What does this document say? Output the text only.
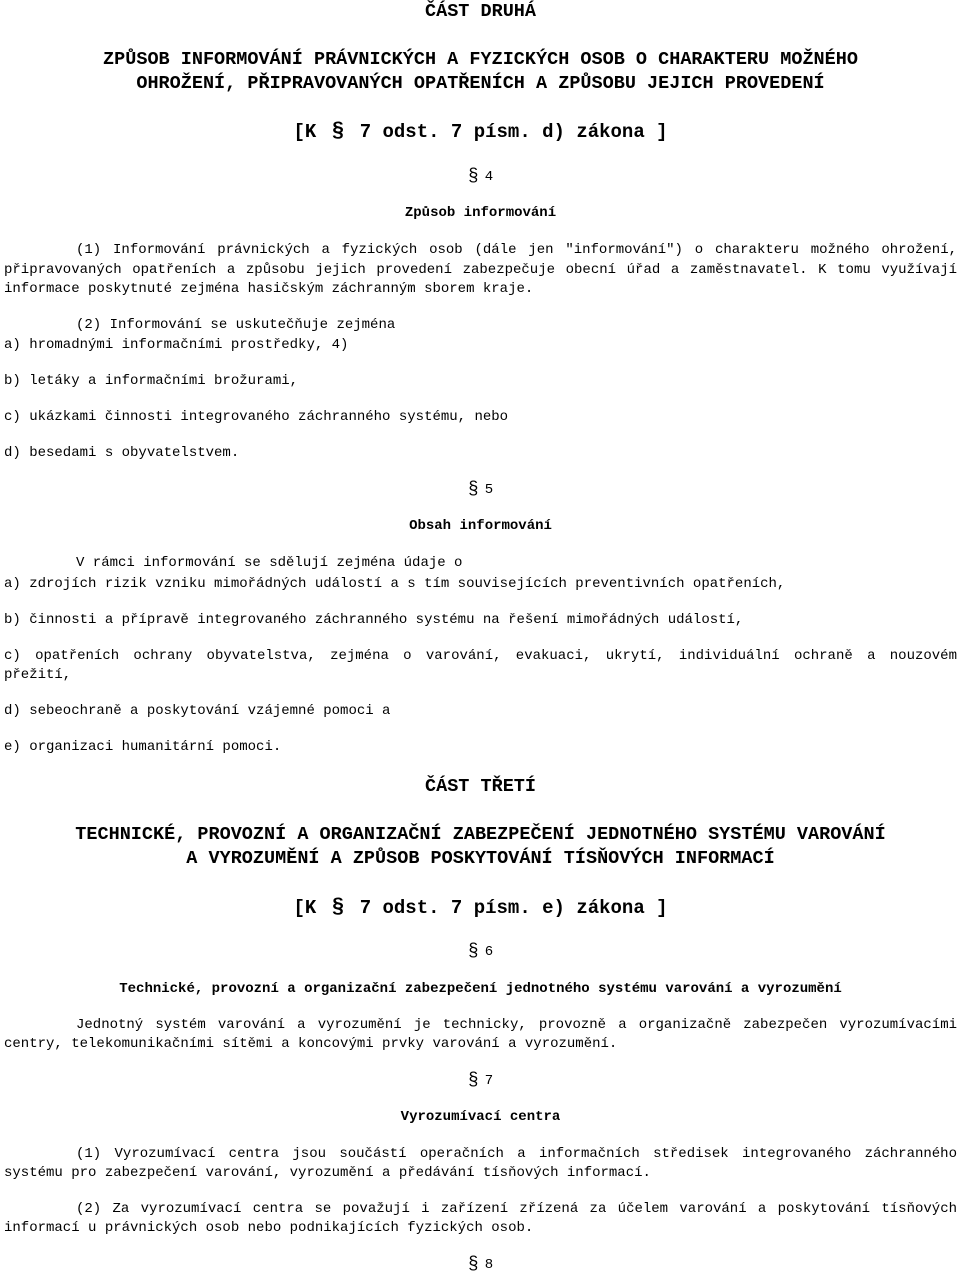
ČÁST DRUHÁ

ZPŮSOB INFORMOVÁNÍ PRÁVNICKÝCH A FYZICKÝCH OSOB O CHARAKTERU MOŽNÉHO

OHROŽENÍ, PŘIPRAVOVANÝCH OPATŘENÍCH A ZPŮSOBU JEJICH PROVEDENÍ

[K § 7 odst. 7 písm. d) zákona ]

§ 4

Způsob informování

(1) Informování právnických a fyzických osob (dále jen "informování") o charakteru možného ohrožení, připravovaných opatřeních a způsobu jejich provedení zabezpečuje obecní úřad a zaměstnavatel. K tomu využívají informace poskytnuté zejména hasičským záchranným sborem kraje.

(2) Informování se uskutečňuje zejména

a) hromadnými informačními prostředky, 4)

b) letáky a informačními brožurami,

c) ukázkami činnosti integrovaného záchranného systému, nebo

d) besedami s obyvatelstvem.

§ 5

Obsah informování

V rámci informování se sdělují zejména údaje o

a) zdrojích rizik vzniku mimořádných událostí a s tím souvisejících preventivních opatřeních,

b) činnosti a přípravě integrovaného záchranného systému na řešení mimořádných událostí,

c) opatřeních ochrany obyvatelstva, zejména o varování, evakuaci, ukrytí, individuální ochraně a nouzovém přežití,

d) sebeochraně a poskytování vzájemné pomoci a

e) organizaci humanitární pomoci.

ČÁST TŘETÍ

TECHNICKÉ, PROVOZNÍ A ORGANIZAČNÍ ZABEZPEČENÍ JEDNOTNÉHO SYSTÉMU VAROVÁNÍ

A VYROZUMĚNÍ A ZPŮSOB POSKYTOVÁNÍ TÍSŇOVÝCH INFORMACÍ

[K § 7 odst. 7 písm. e) zákona ]

§ 6

Technické, provozní a organizační zabezpečení jednotného systému varování a vyrozumění

Jednotný systém varování a vyrozumění je technicky, provozně a organizačně zabezpečen vyrozumívacími centry, telekomunikačními sítěmi a koncovými prvky varování a vyrozumění.

§ 7

Vyrozumívací centra

(1) Vyrozumívací centra jsou součástí operačních a informačních středisek integrovaného záchranného systému pro zabezpečení varování, vyrozumění a předávání tísňových informací.

(2) Za vyrozumívací centra se považují i zařízení zřízená za účelem varování a poskytování tísňových informací u právnických osob nebo podnikajících fyzických osob.

§ 8
